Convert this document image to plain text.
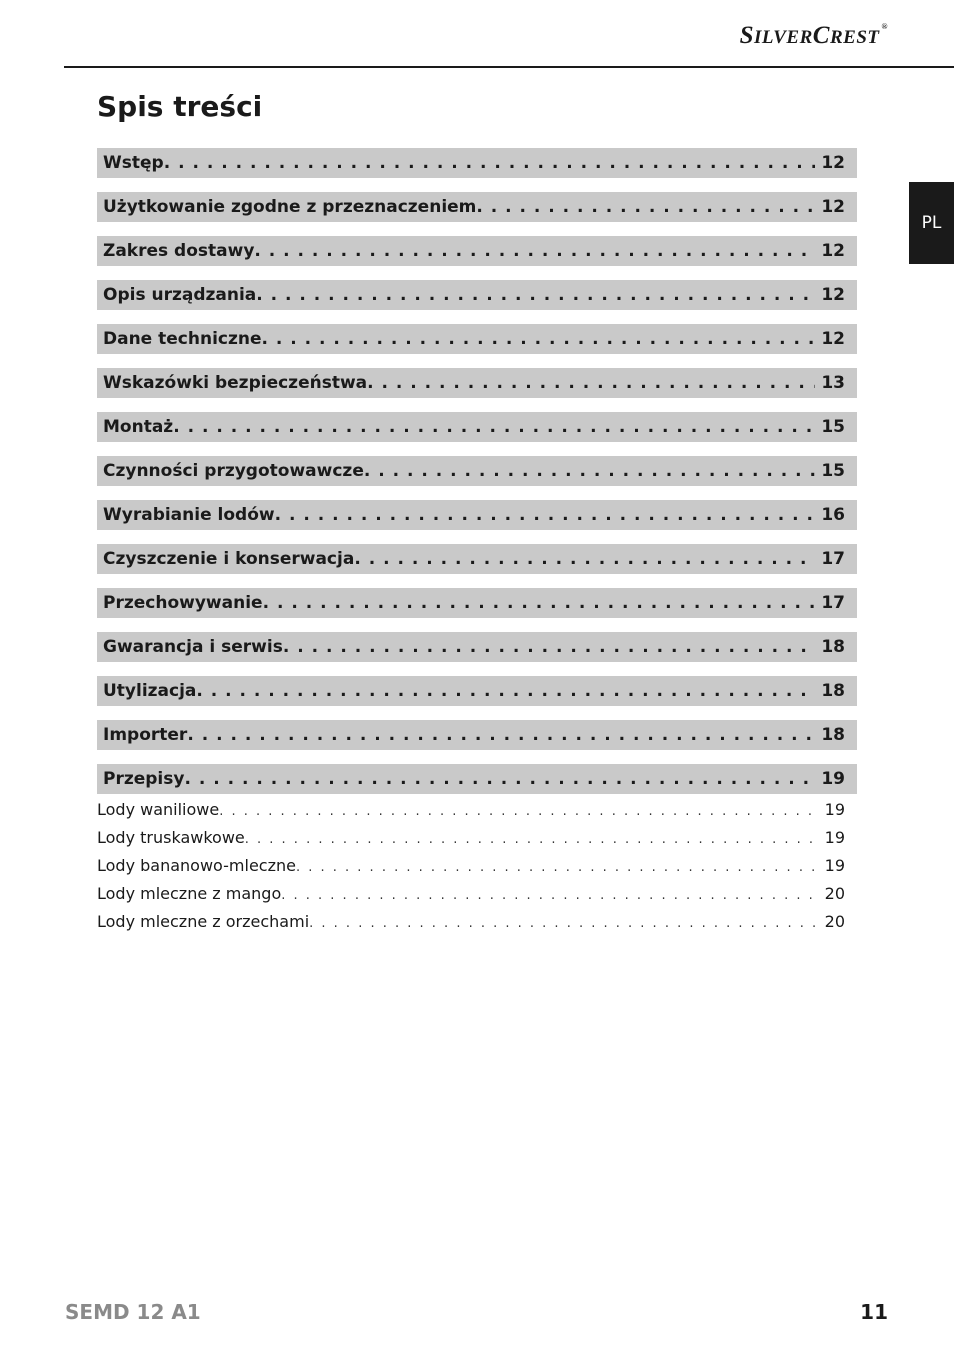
SILVERCREST®
Spis treści
PL
Wstęp . . .	12
Użytkowanie zgodne z przeznaczeniem . . .	12
Zakres dostawy . . .	12
Opis urządzania . . .	12
Dane techniczne . . .	12
Wskazówki bezpieczeństwa . . .	13
Montaż . . .	15
Czynności przygotowawcze . . .	15
Wyrabianie lodów . . .	16
Czyszczenie i konserwacja . . .	17
Przechowywanie . . .	17
Gwarancja i serwis . . .	18
Utylizacja . . .	18
Importer . . .	18
Przepisy . . .	19
Lody waniliowe . . .	19
Lody truskawkowe . . .	19
Lody bananowo-mleczne . . .	19
Lody mleczne z mango . . .	20
Lody mleczne z orzechami . . .	20
SEMD 12 A1	11
